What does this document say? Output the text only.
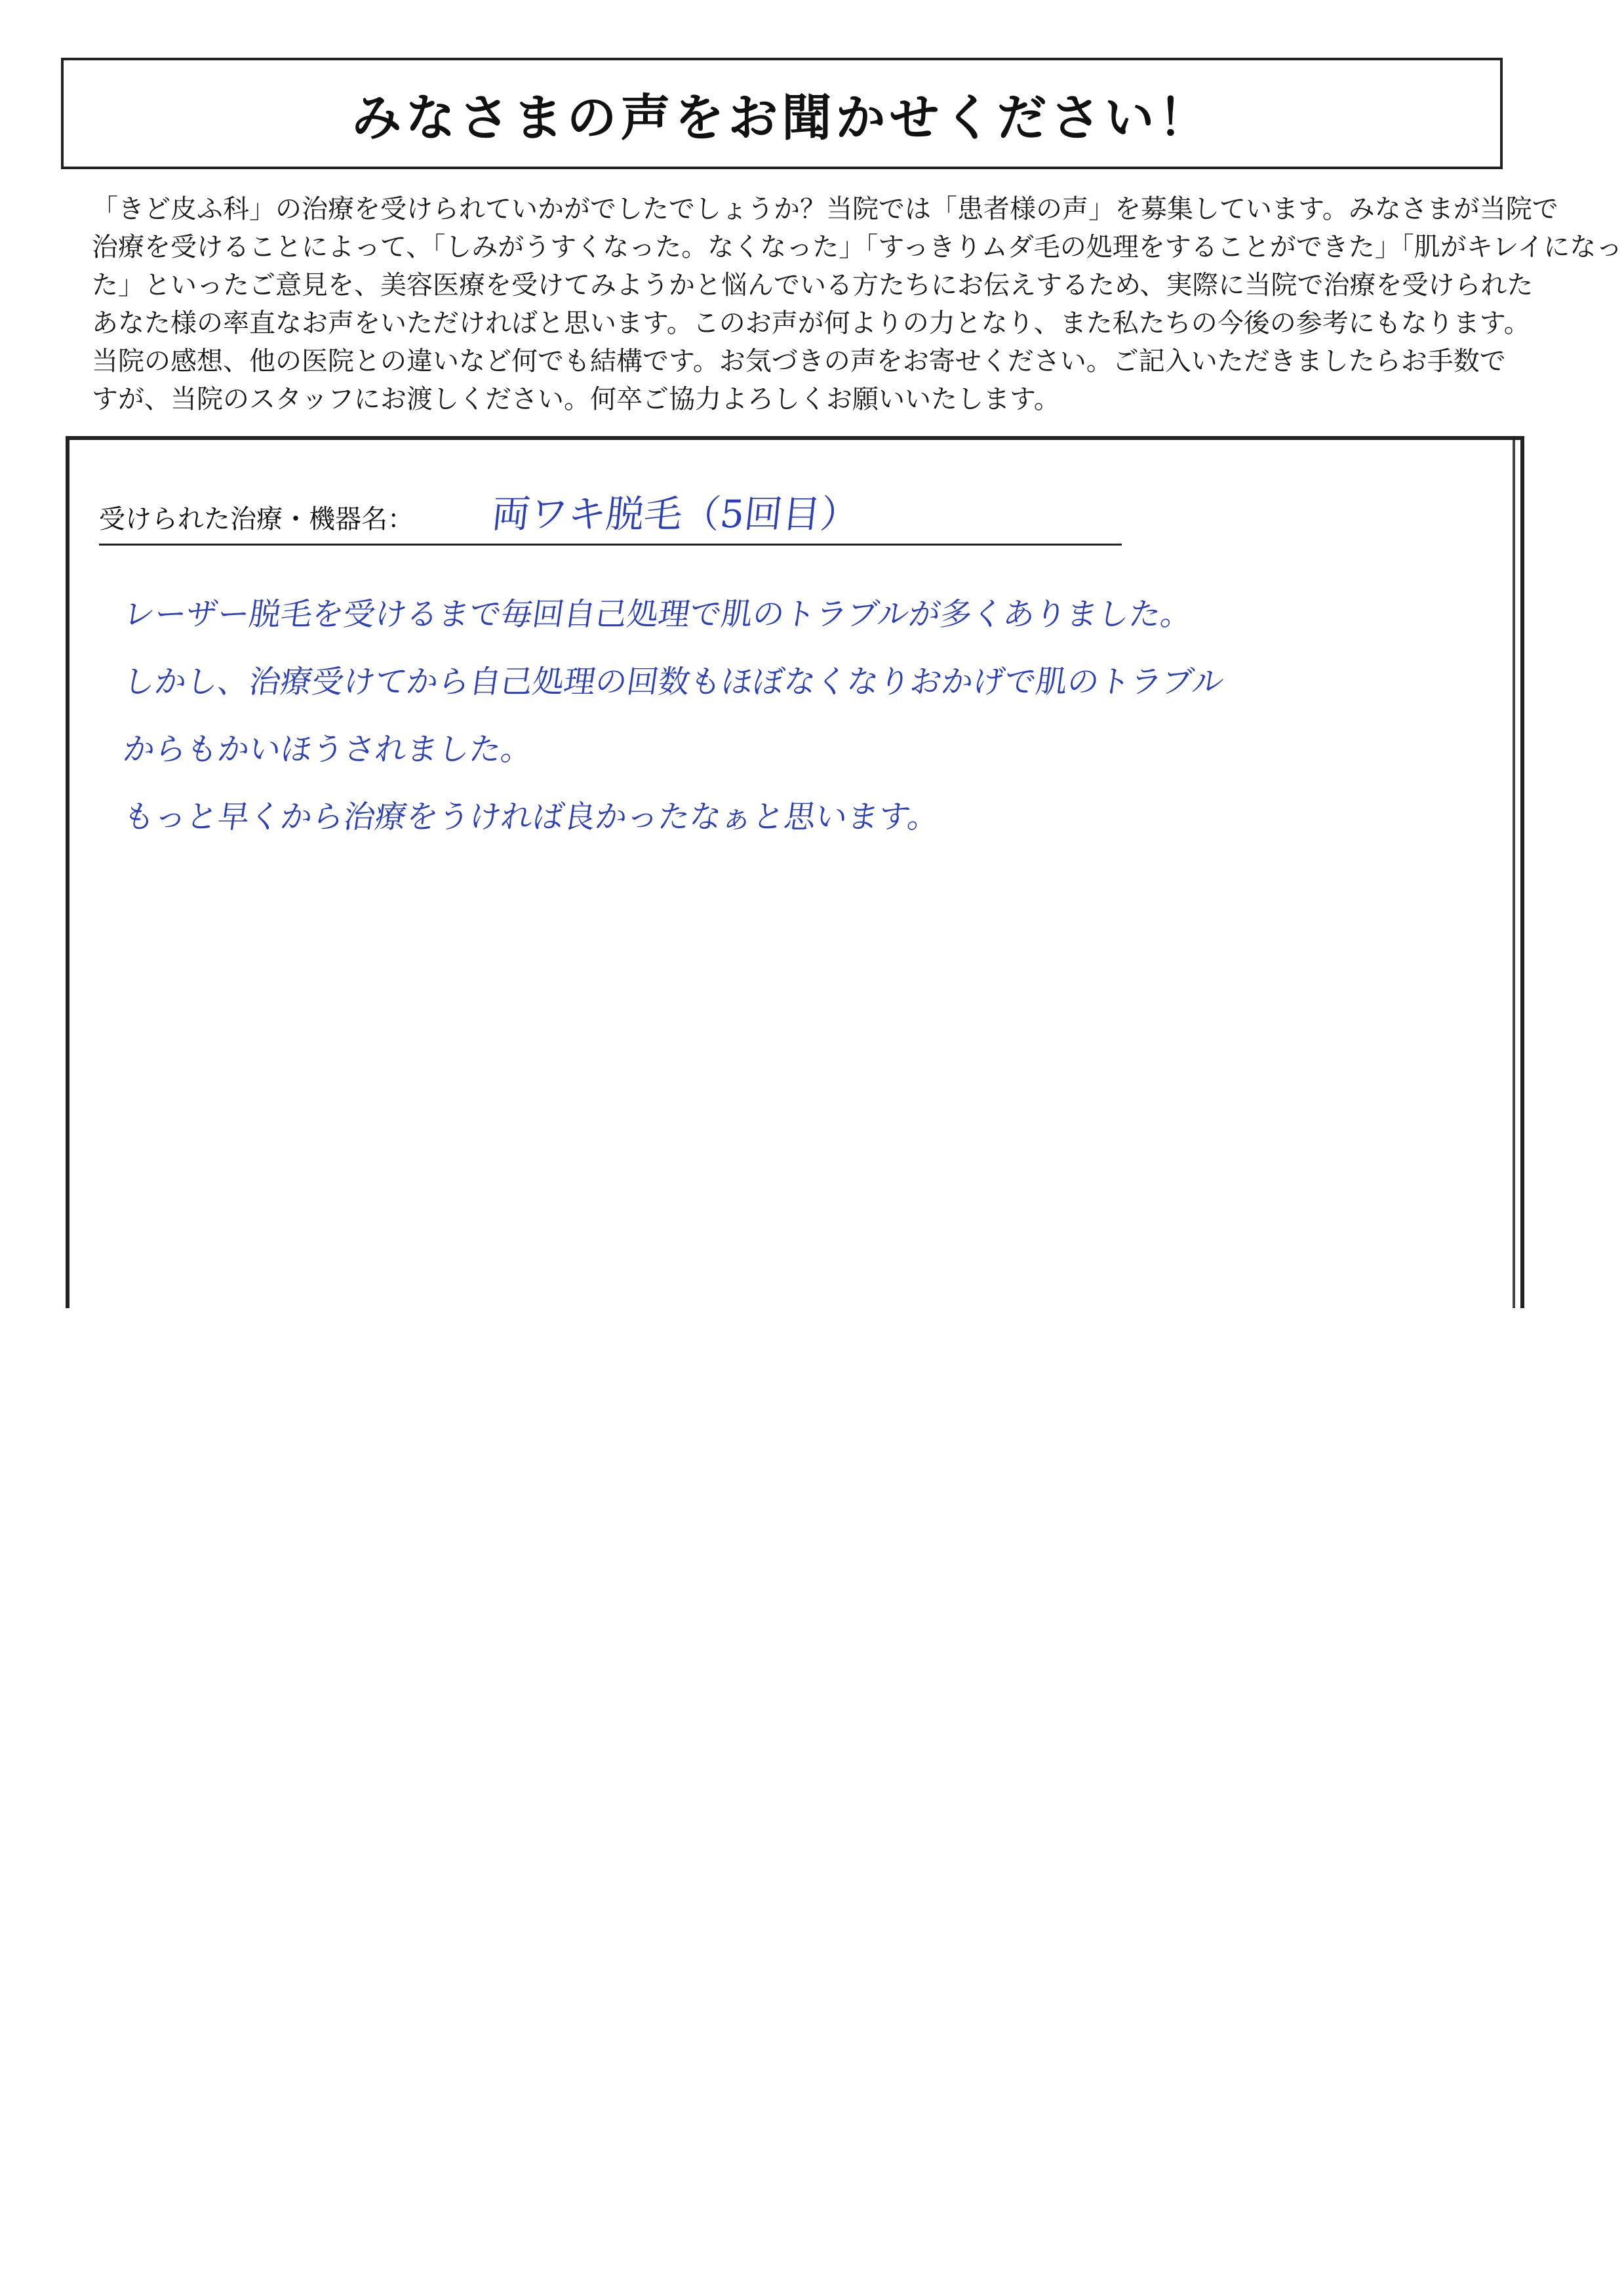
みなさまの声をお聞かせください！
「きど皮ふ科」の治療を受けられていかがでしたでしょうか？当院では「患者様の声」を募集しています。みなさまが当院で
治療を受けることによって、「しみがうすくなった。なくなった」「すっきりムダ毛の処理をすることができた」「肌がキレイになっ
た」といったご意見を、美容医療を受けてみようかと悩んでいる方たちにお伝えするため、実際に当院で治療を受けられた
あなた様の率直なお声をいただければと思います。このお声が何よりの力となり、また私たちの今後の参考にもなります。
当院の感想、他の医院との違いなど何でも結構です。お気づきの声をお寄せください。ご記入いただきましたらお手数で
すが、当院のスタッフにお渡しください。何卒ご協力よろしくお願いいたします。
受けられた治療・機器名： 両ワキ脱毛（5回目）
レーザー脱毛を受けるまで毎回自己処理で肌のトラブルが多くありました。
しかし、治療受けてから自己処理の回数もほぼなくなりおかげで肌のトラブル
からもかいほうされました。
もっと早くから治療をうければ良かったなぁと思います。
